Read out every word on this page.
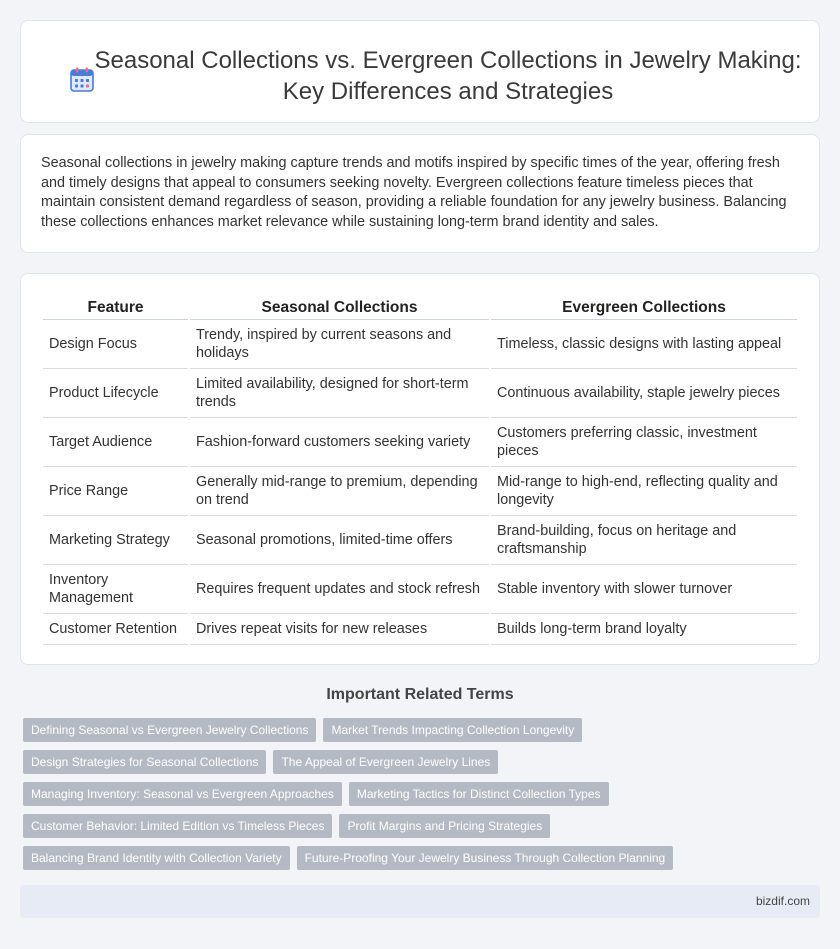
Seasonal Collections vs. Evergreen Collections in Jewelry Making: Key Differences and Strategies

Seasonal collections in jewelry making capture trends and motifs inspired by specific times of the year, offering fresh and timely designs that appeal to consumers seeking novelty. Evergreen collections feature timeless pieces that maintain consistent demand regardless of season, providing a reliable foundation for any jewelry business. Balancing these collections enhances market relevance while sustaining long-term brand identity and sales.

Feature	Seasonal Collections	Evergreen Collections
Design Focus	Trendy, inspired by current seasons and holidays	Timeless, classic designs with lasting appeal
Product Lifecycle	Limited availability, designed for short-term trends	Continuous availability, staple jewelry pieces
Target Audience	Fashion-forward customers seeking variety	Customers preferring classic, investment pieces
Price Range	Generally mid-range to premium, depending on trend	Mid-range to high-end, reflecting quality and longevity
Marketing Strategy	Seasonal promotions, limited-time offers	Brand-building, focus on heritage and craftsmanship
Inventory Management	Requires frequent updates and stock refresh	Stable inventory with slower turnover
Customer Retention	Drives repeat visits for new releases	Builds long-term brand loyalty
Important Related Terms
Defining Seasonal vs Evergreen Jewelry Collections	Market Trends Impacting Collection Longevity
Design Strategies for Seasonal Collections	The Appeal of Evergreen Jewelry Lines
Managing Inventory: Seasonal vs Evergreen Approaches	Marketing Tactics for Distinct Collection Types
Customer Behavior: Limited Edition vs Timeless Pieces	Profit Margins and Pricing Strategies
Balancing Brand Identity with Collection Variety	Future-Proofing Your Jewelry Business Through Collection Planning
bizdif.com
